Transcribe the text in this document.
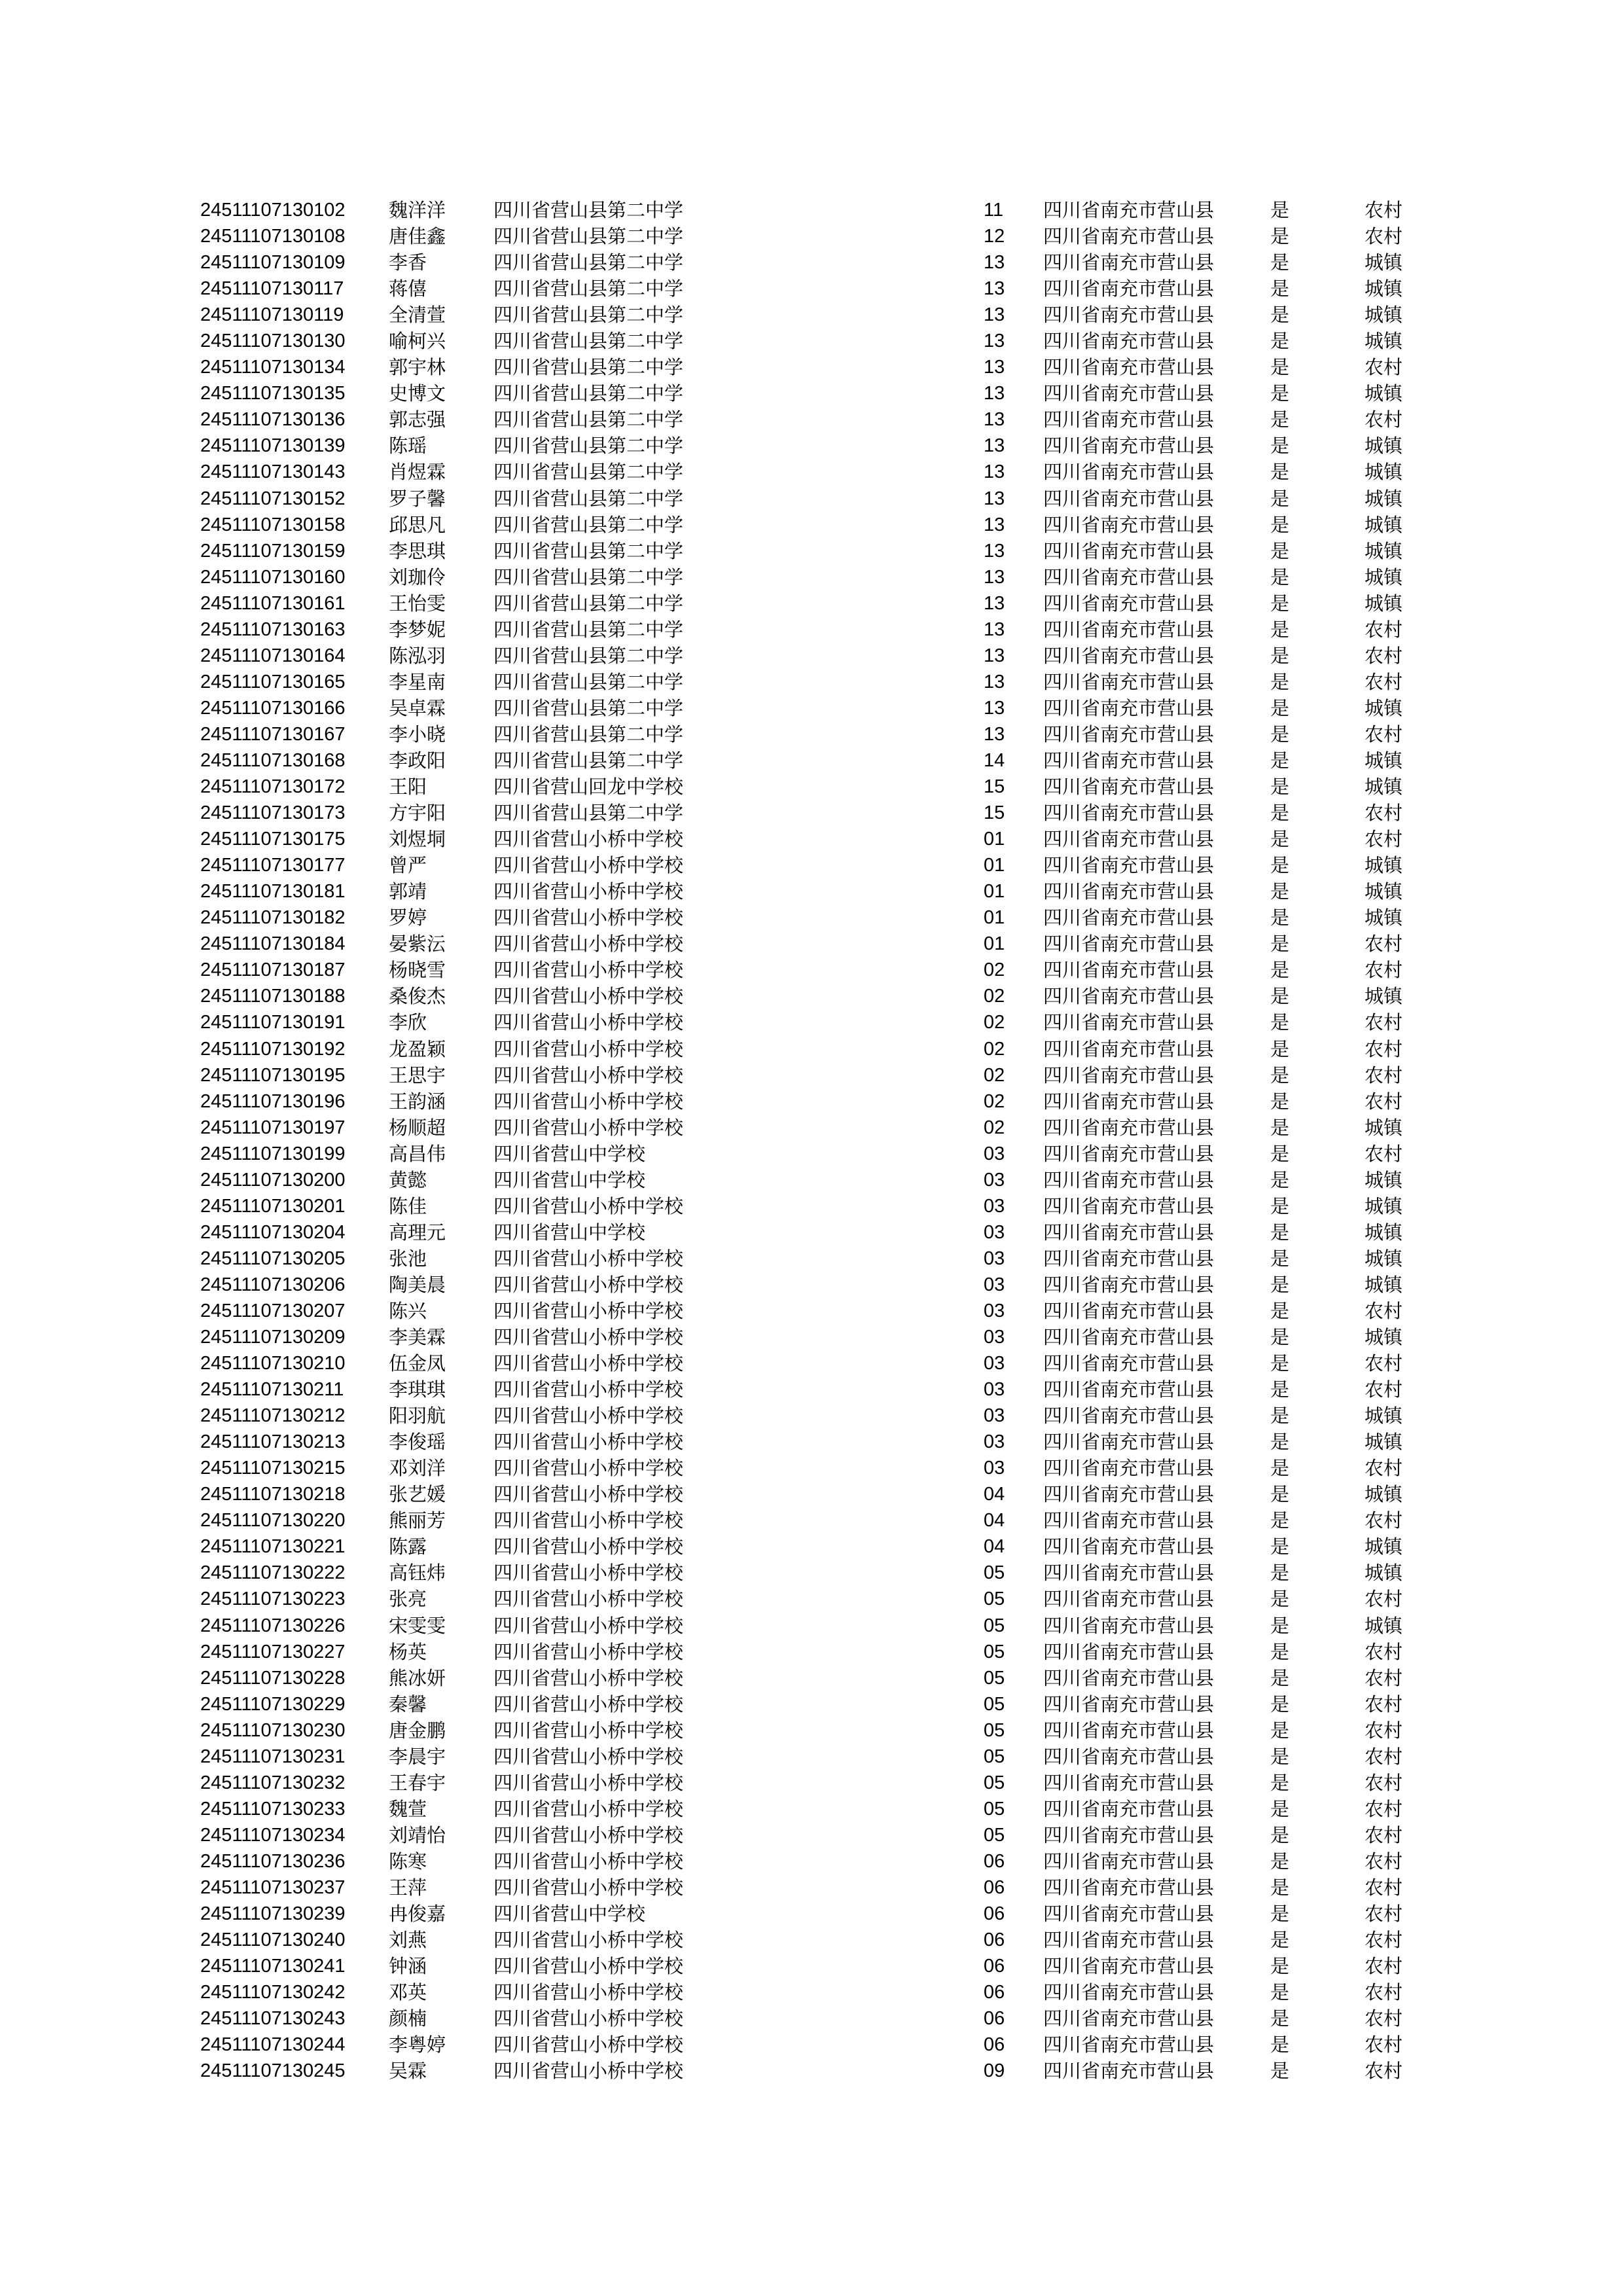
24511107130102 魏洋洋	四川省营山县第二中学	11 四川省南充市营山县	是	农村
24511107130108 唐佳鑫	四川省营山县第二中学	12 四川省南充市营山县	是	农村
24511107130109 李香	四川省营山县第二中学	13 四川省南充市营山县	是	城镇
24511107130117 蒋僖	四川省营山县第二中学	13 四川省南充市营山县	是	城镇
24511107130119 全清萱	四川省营山县第二中学	13 四川省南充市营山县	是	城镇
24511107130130 喻柯兴	四川省营山县第二中学	13 四川省南充市营山县	是	城镇
24511107130134 郭宇林	四川省营山县第二中学	13 四川省南充市营山县	是	农村
24511107130135 史博文	四川省营山县第二中学	13 四川省南充市营山县	是	城镇
24511107130136 郭志强	四川省营山县第二中学	13 四川省南充市营山县	是	农村
24511107130139 陈瑶	四川省营山县第二中学	13 四川省南充市营山县	是	城镇
24511107130143 肖煜霖	四川省营山县第二中学	13 四川省南充市营山县	是	城镇
24511107130152 罗子馨	四川省营山县第二中学	13 四川省南充市营山县	是	城镇
24511107130158 邱思凡	四川省营山县第二中学	13 四川省南充市营山县	是	城镇
24511107130159 李思琪	四川省营山县第二中学	13 四川省南充市营山县	是	城镇
24511107130160 刘珈伶	四川省营山县第二中学	13 四川省南充市营山县	是	城镇
24511107130161 王怡雯	四川省营山县第二中学	13 四川省南充市营山县	是	城镇
24511107130163 李梦妮	四川省营山县第二中学	13 四川省南充市营山县	是	农村
24511107130164 陈泓羽	四川省营山县第二中学	13 四川省南充市营山县	是	农村
24511107130165 李星南	四川省营山县第二中学	13 四川省南充市营山县	是	农村
24511107130166 吴卓霖	四川省营山县第二中学	13 四川省南充市营山县	是	城镇
24511107130167 李小晓	四川省营山县第二中学	13 四川省南充市营山县	是	农村
24511107130168 李政阳	四川省营山县第二中学	14 四川省南充市营山县	是	城镇
24511107130172 王阳	四川省营山回龙中学校	15 四川省南充市营山县	是	城镇
24511107130173 方宇阳	四川省营山县第二中学	15 四川省南充市营山县	是	农村
24511107130175 刘煜垌	四川省营山小桥中学校	01 四川省南充市营山县	是	农村
24511107130177 曾严	四川省营山小桥中学校	01 四川省南充市营山县	是	城镇
24511107130181 郭靖	四川省营山小桥中学校	01 四川省南充市营山县	是	城镇
24511107130182 罗婷	四川省营山小桥中学校	01 四川省南充市营山县	是	城镇
24511107130184 晏紫沄	四川省营山小桥中学校	01 四川省南充市营山县	是	农村
24511107130187 杨晓雪	四川省营山小桥中学校	02 四川省南充市营山县	是	农村
24511107130188 桑俊杰	四川省营山小桥中学校	02 四川省南充市营山县	是	城镇
24511107130191 李欣	四川省营山小桥中学校	02 四川省南充市营山县	是	农村
24511107130192 龙盈颖	四川省营山小桥中学校	02 四川省南充市营山县	是	农村
24511107130195 王思宇	四川省营山小桥中学校	02 四川省南充市营山县	是	农村
24511107130196 王韵涵	四川省营山小桥中学校	02 四川省南充市营山县	是	农村
24511107130197 杨顺超	四川省营山小桥中学校	02 四川省南充市营山县	是	城镇
24511107130199 高昌伟	四川省营山中学校	03 四川省南充市营山县	是	农村
24511107130200 黄懿	四川省营山中学校	03 四川省南充市营山县	是	城镇
24511107130201 陈佳	四川省营山小桥中学校	03 四川省南充市营山县	是	城镇
24511107130204 高理元	四川省营山中学校	03 四川省南充市营山县	是	城镇
24511107130205 张池	四川省营山小桥中学校	03 四川省南充市营山县	是	城镇
24511107130206 陶美晨	四川省营山小桥中学校	03 四川省南充市营山县	是	城镇
24511107130207 陈兴	四川省营山小桥中学校	03 四川省南充市营山县	是	农村
24511107130209 李美霖	四川省营山小桥中学校	03 四川省南充市营山县	是	城镇
24511107130210 伍金凤	四川省营山小桥中学校	03 四川省南充市营山县	是	农村
24511107130211 李琪琪	四川省营山小桥中学校	03 四川省南充市营山县	是	农村
24511107130212 阳羽航	四川省营山小桥中学校	03 四川省南充市营山县	是	城镇
24511107130213 李俊瑶	四川省营山小桥中学校	03 四川省南充市营山县	是	城镇
24511107130215 邓刘洋	四川省营山小桥中学校	03 四川省南充市营山县	是	农村
24511107130218 张艺媛	四川省营山小桥中学校	04 四川省南充市营山县	是	城镇
24511107130220 熊丽芳	四川省营山小桥中学校	04 四川省南充市营山县	是	农村
24511107130221 陈露	四川省营山小桥中学校	04 四川省南充市营山县	是	城镇
24511107130222 高钰炜	四川省营山小桥中学校	05 四川省南充市营山县	是	城镇
24511107130223 张亮	四川省营山小桥中学校	05 四川省南充市营山县	是	农村
24511107130226 宋雯雯	四川省营山小桥中学校	05 四川省南充市营山县	是	城镇
24511107130227 杨英	四川省营山小桥中学校	05 四川省南充市营山县	是	农村
24511107130228 熊冰妍	四川省营山小桥中学校	05 四川省南充市营山县	是	农村
24511107130229 秦馨	四川省营山小桥中学校	05 四川省南充市营山县	是	农村
24511107130230 唐金鹏	四川省营山小桥中学校	05 四川省南充市营山县	是	农村
24511107130231 李晨宇	四川省营山小桥中学校	05 四川省南充市营山县	是	农村
24511107130232 王春宇	四川省营山小桥中学校	05 四川省南充市营山县	是	农村
24511107130233 魏萱	四川省营山小桥中学校	05 四川省南充市营山县	是	农村
24511107130234 刘靖怡	四川省营山小桥中学校	05 四川省南充市营山县	是	农村
24511107130236 陈寒	四川省营山小桥中学校	06 四川省南充市营山县	是	农村
24511107130237 王萍	四川省营山小桥中学校	06 四川省南充市营山县	是	农村
24511107130239 冉俊嘉	四川省营山中学校	06 四川省南充市营山县	是	农村
24511107130240 刘燕	四川省营山小桥中学校	06 四川省南充市营山县	是	农村
24511107130241 钟涵	四川省营山小桥中学校	06 四川省南充市营山县	是	农村
24511107130242 邓英	四川省营山小桥中学校	06 四川省南充市营山县	是	农村
24511107130243 颜楠	四川省营山小桥中学校	06 四川省南充市营山县	是	农村
24511107130244 李粤婷	四川省营山小桥中学校	06 四川省南充市营山县	是	农村
24511107130245 吴霖	四川省营山小桥中学校	09 四川省南充市营山县	是	农村
